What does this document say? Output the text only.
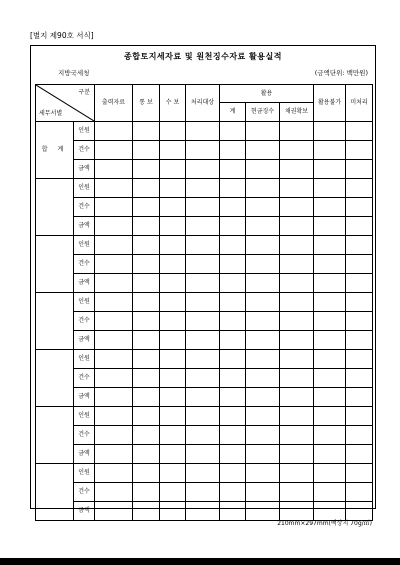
[별지 제90호 서식]
종합토지세자료 및 원천징수자료 활용실적
지방국세청	(금액단위: 백만원)
구분
세무서별		출력자료	통 보	수 보	처리대상	활용			활용불가	미처리
						계	현금징수	채권확보		
합 계	인원									
	건수									
	금액									
	인원									
	건수									
	금액									
	인원									
	건수									
	금액									
	인원									
	건수									
	금액									
	인원									
	건수									
	금액									
	인원									
	건수									
	금액									
	인원									
	건수									
	금액									
210mm×297mm(백상지 70g/㎡)
